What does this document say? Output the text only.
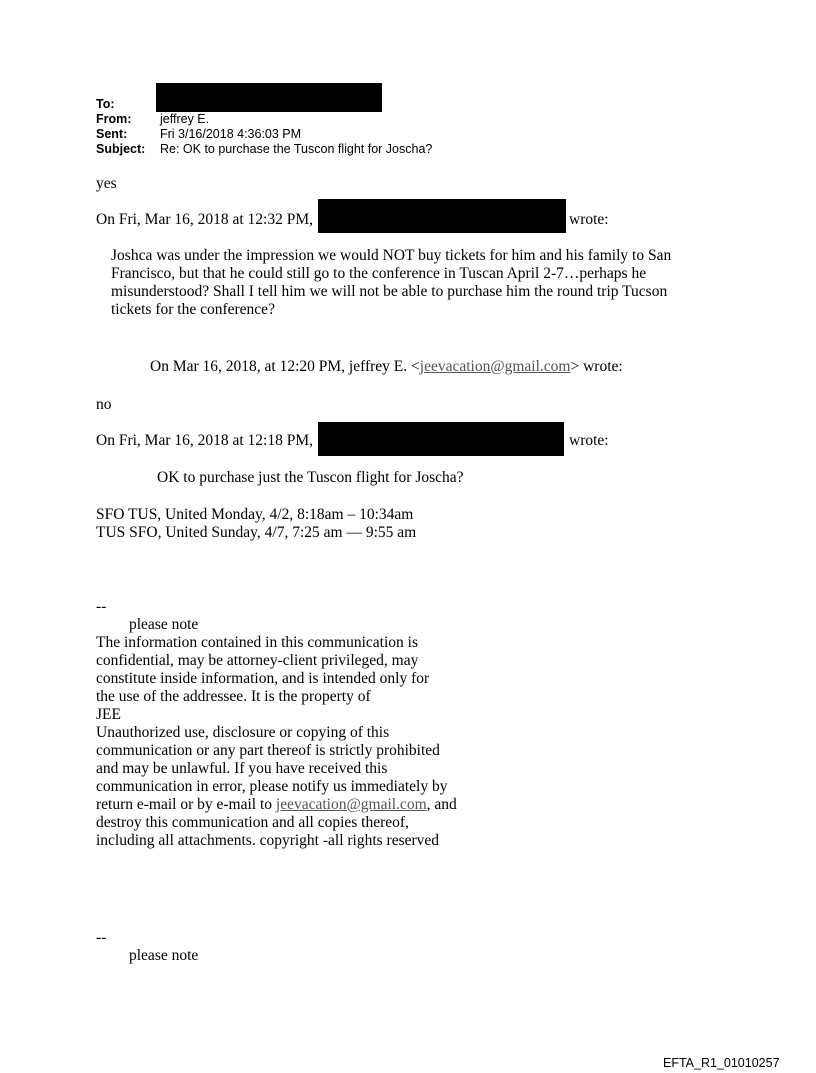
To:
From: jeffrey E.
Sent:	Fri 3/16/2018 4:36:03 PM
Subject: Re: OK to purchase the Tuscon flight for Joscha?

yes

On Fri, Mar 16, 2018 at 12:32 PM,	wrote:

Joshca was under the impression we would NOT buy tickets for him and his family to San

Francisco, but that he could still go to the conference in Tuscan April 2-7…perhaps he

misunderstood? Shall I tell him we will not be able to purchase him the round trip Tucson

tickets for the conference?

On Mar 16, 2018, at 12:20 PM, jeffrey E. <jeevacation@gmail.com> wrote:

no

On Fri, Mar 16, 2018 at 12:18 PM,	wrote:

OK to purchase just the Tuscon flight for Joscha?

SFO TUS, United Monday, 4/2, 8:18am – 10:34am

TUS SFO, United Sunday, 4/7, 7:25 am — 9:55 am

--

please note

The information contained in this communication is

confidential, may be attorney-client privileged, may

constitute inside information, and is intended only for

the use of the addressee. It is the property of

JEE

Unauthorized use, disclosure or copying of this

communication or any part thereof is strictly prohibited

and may be unlawful. If you have received this

communication in error, please notify us immediately by

return e-mail or by e-mail to jeevacation@gmail.com, and

destroy this communication and all copies thereof,

including all attachments. copyright -all rights reserved

--

please note

EFTA_R1_01010257
